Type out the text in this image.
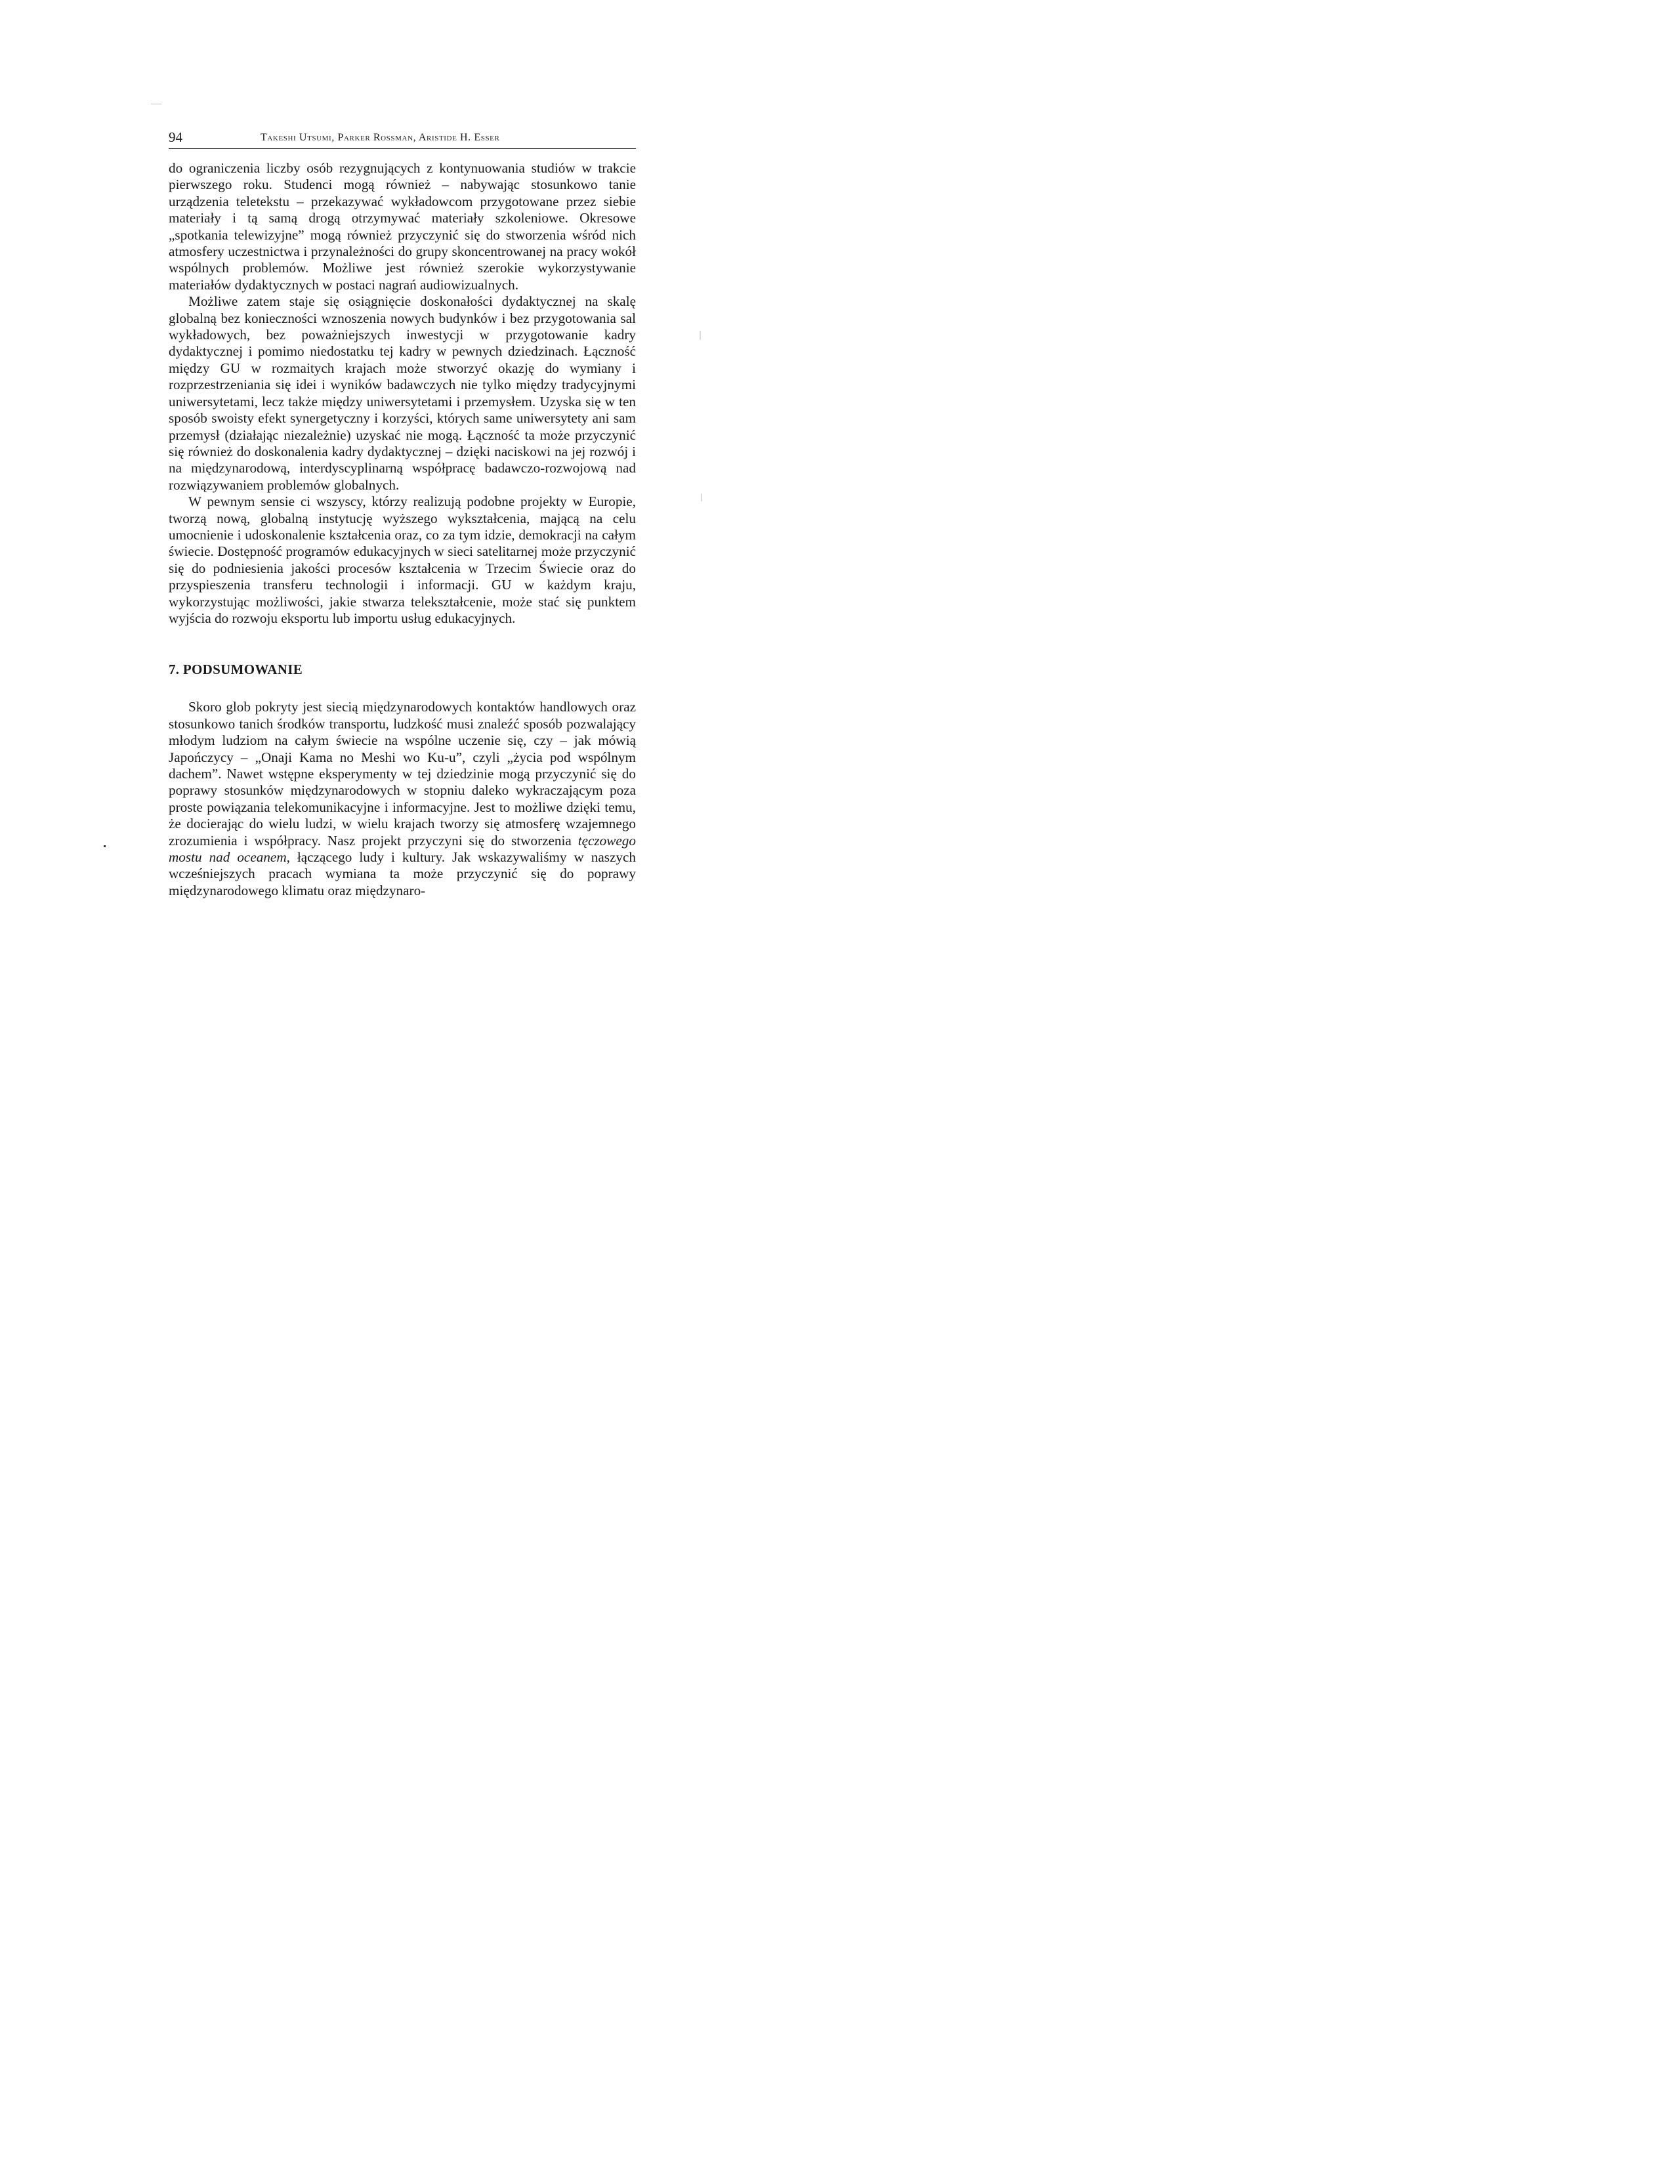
94	Takeshi Utsumi, Parker Rossman, Aristide H. Esser

do ograniczenia liczby osób rezygnujących z kontynuowania studiów w trakcie pierwszego roku. Studenci mogą również – nabywając stosunkowo tanie urządzenia teletekstu – przekazywać wykładowcom przygotowane przez siebie materiały i tą samą drogą otrzymywać materiały szkoleniowe. Okresowe „spotkania telewizyjne” mogą również przyczynić się do stworzenia wśród nich atmosfery uczestnictwa i przynależności do grupy skoncentrowanej na pracy wokół wspólnych problemów. Możliwe jest również szerokie wykorzystywanie materiałów dydaktycznych w postaci nagrań audiowizualnych.

Możliwe zatem staje się osiągnięcie doskonałości dydaktycznej na skalę globalną bez konieczności wznoszenia nowych budynków i bez przygotowania sal wykładowych, bez poważniejszych inwestycji w przygotowanie kadry dydaktycznej i pomimo niedostatku tej kadry w pewnych dziedzinach. Łączność między GU w rozmaitych krajach może stworzyć okazję do wymiany i rozprzestrzeniania się idei i wyników badawczych nie tylko między tradycyjnymi uniwersytetami, lecz także między uniwersytetami i przemysłem. Uzyska się w ten sposób swoisty efekt synergetyczny i korzyści, których same uniwersytety ani sam przemysł (działając niezależnie) uzyskać nie mogą. Łączność ta może przyczynić się również do doskonalenia kadry dydaktycznej – dzięki naciskowi na jej rozwój i na międzynarodową, interdyscyplinarną współpracę badawczo-rozwojową nad rozwiązywaniem problemów globalnych.

W pewnym sensie ci wszyscy, którzy realizują podobne projekty w Europie, tworzą nową, globalną instytucję wyższego wykształcenia, mającą na celu umocnienie i udoskonalenie kształcenia oraz, co za tym idzie, demokracji na całym świecie. Dostępność programów edukacyjnych w sieci satelitarnej może przyczynić się do podniesienia jakości procesów kształcenia w Trzecim Świecie oraz do przyspieszenia transferu technologii i informacji. GU w każdym kraju, wykorzystując możliwości, jakie stwarza telekształcenie, może stać się punktem wyjścia do rozwoju eksportu lub importu usług edukacyjnych.

7. PODSUMOWANIE

Skoro glob pokryty jest siecią międzynarodowych kontaktów handlowych oraz stosunkowo tanich środków transportu, ludzkość musi znaleźć sposób pozwalający młodym ludziom na całym świecie na wspólne uczenie się, czy – jak mówią Japończycy – „Onaji Kama no Meshi wo Ku-u”, czyli „życia pod wspólnym dachem”. Nawet wstępne eksperymenty w tej dziedzinie mogą przyczynić się do poprawy stosunków międzynarodowych w stopniu daleko wykraczającym poza proste powiązania telekomunikacyjne i informacyjne. Jest to możliwe dzięki temu, że docierając do wielu ludzi, w wielu krajach tworzy się atmosferę wzajemnego zrozumienia i współpracy. Nasz projekt przyczyni się do stworzenia tęczowego mostu nad oceanem, łączącego ludy i kultury. Jak wskazywaliśmy w naszych wcześniejszych pracach wymiana ta może przyczynić się do poprawy międzynarodowego klimatu oraz międzynaro-
